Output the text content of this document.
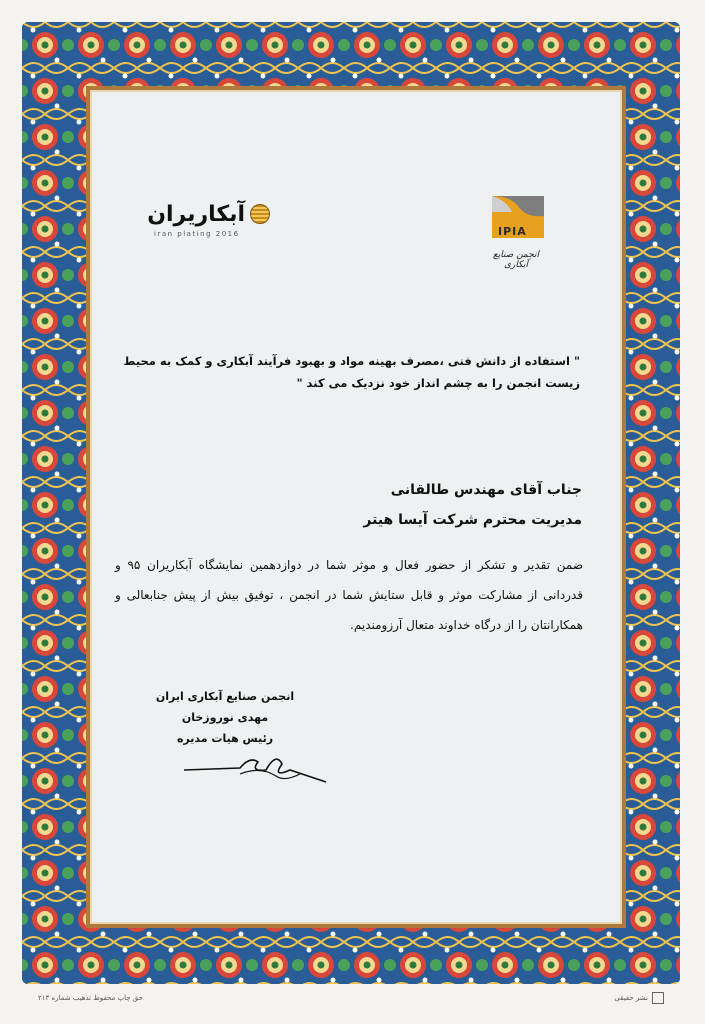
آبکاریران
iran plating 2016	IPIA
انجمن صنایع آبکاری
" استفاده از دانش فنی ،مصرف بهینه مواد و بهبود فرآیند آبکاری و کمک به محیط زیست انجمن را به چشم انداز خود نزدیک می کند "
جناب آقای مهندس طالقانی
مدیریت محترم شرکت آیسا هیتر
ضمن تقدیر و تشکر از حضور فعال و موثر شما در دوازدهمین نمایشگاه آبکاریران ۹۵ و قدردانی از مشارکت موثر و قابل ستایش شما در انجمن ، توفیق بیش از پیش جنابعالی و همکارانتان را از درگاه خداوند متعال آرزومندیم.
انجمن صنایع آبکاری ایران
مهدی نوروزخان
رئیس هیات مدیره
حق چاپ محفوظ تذهیب شماره ۲۱۳	نشر حقیقی
